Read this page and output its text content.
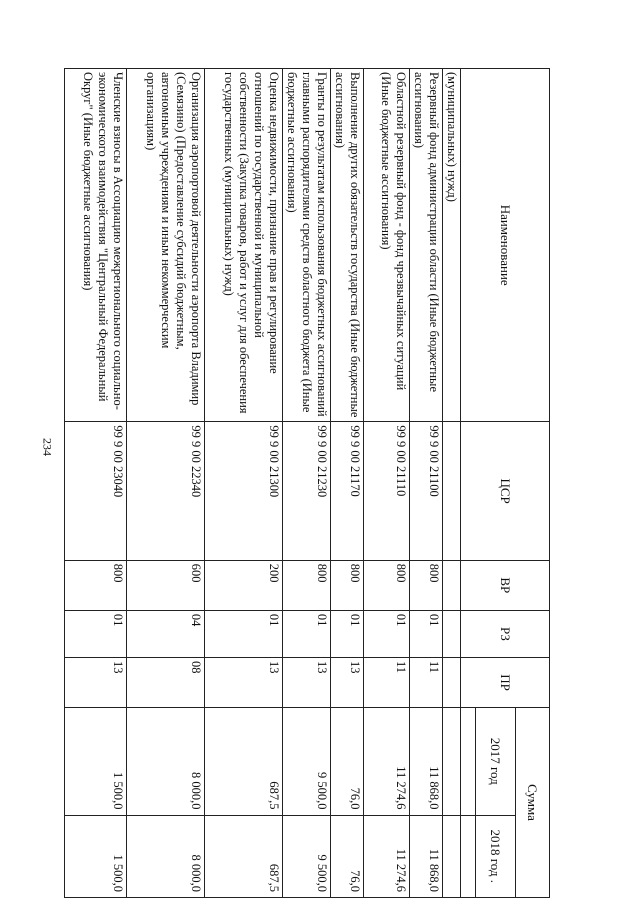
234
Наименование	ЦСР	ВР	РЗ	ПР	Сумма	
					2017 год	2018 год .

(муниципальных) нужд)						
Резервный фонд администрации области (Иные бюджетные ассигнования)	99 9 00 21100	800	01	11	11 868,0	11 868,0
Областной резервный фонд - фонд чрезвычайных ситуаций (Иные бюджетные ассигнования)	99 9 00 21110	800	01	11	11 274,6	11 274,6
Выполнение других обязательств государства (Иные бюджетные ассигнования)	99 9 00 21170	800	01	13	76,0	76,0
Гранты по результатам использования бюджетных ассигнований главными распорядителями средств областного бюджета (Иные бюджетные ассигнования)	99 9 00 21230	800	01	13	9 500,0	9 500,0
Оценка недвижимости, признание прав и регулирование отношений по государственной и муниципальной собственности (Закупка товаров, работ и услуг для обеспечения государственных (муниципальных) нужд)	99 9 00 21300	200	01	13	687,5	687,5
Организация аэропортовой деятельности аэропорта Владимир (Семязино) (Предоставление субсидий бюджетным, автономным учреждениям и иным некоммерческим организациям)	99 9 00 22340	600	04	08	8 000,0	8 000,0
Членские взносы в Ассоциацию межрегионального социально-экономического взаимодействия "Центральный Федеральный Округ" (Иные бюджетные ассигнования)	99 9 00 23040	800	01	13	1 500,0	1 500,0
